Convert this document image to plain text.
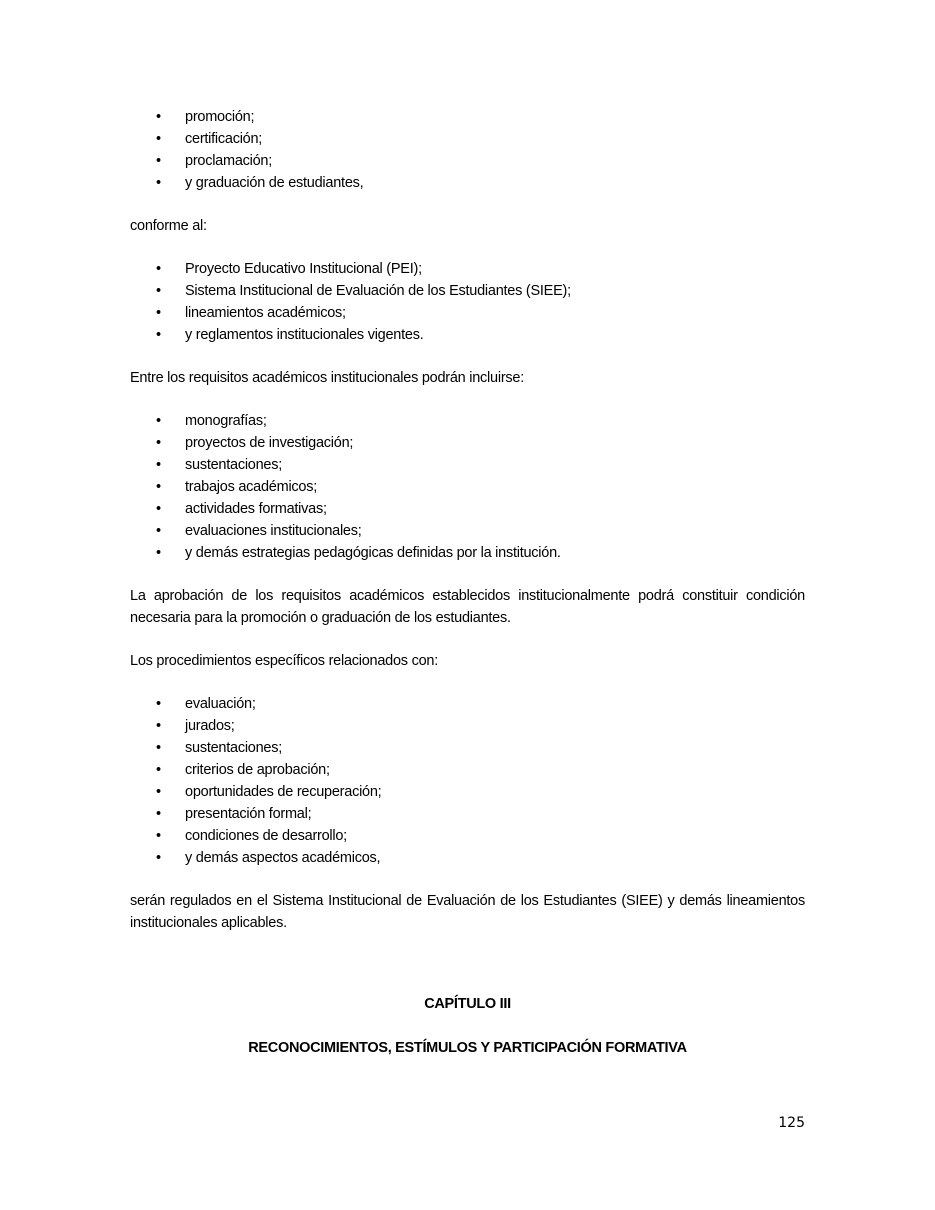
• promoción;
• certificación;
• proclamación;
• y graduación de estudiantes,

conforme al:

• Proyecto Educativo Institucional (PEI);
• Sistema Institucional de Evaluación de los Estudiantes (SIEE);
• lineamientos académicos;
• y reglamentos institucionales vigentes.

Entre los requisitos académicos institucionales podrán incluirse:

• monografías;
• proyectos de investigación;
• sustentaciones;
• trabajos académicos;
• actividades formativas;
• evaluaciones institucionales;
• y demás estrategias pedagógicas definidas por la institución.

La aprobación de los requisitos académicos establecidos institucionalmente podrá constituir condición necesaria para la promoción o graduación de los estudiantes.

Los procedimientos específicos relacionados con:

• evaluación;
• jurados;
• sustentaciones;
• criterios de aprobación;
• oportunidades de recuperación;
• presentación formal;
• condiciones de desarrollo;
• y demás aspectos académicos,

serán regulados en el Sistema Institucional de Evaluación de los Estudiantes (SIEE) y demás lineamientos institucionales aplicables.

CAPÍTULO III
RECONOCIMIENTOS, ESTÍMULOS Y PARTICIPACIÓN FORMATIVA
125
